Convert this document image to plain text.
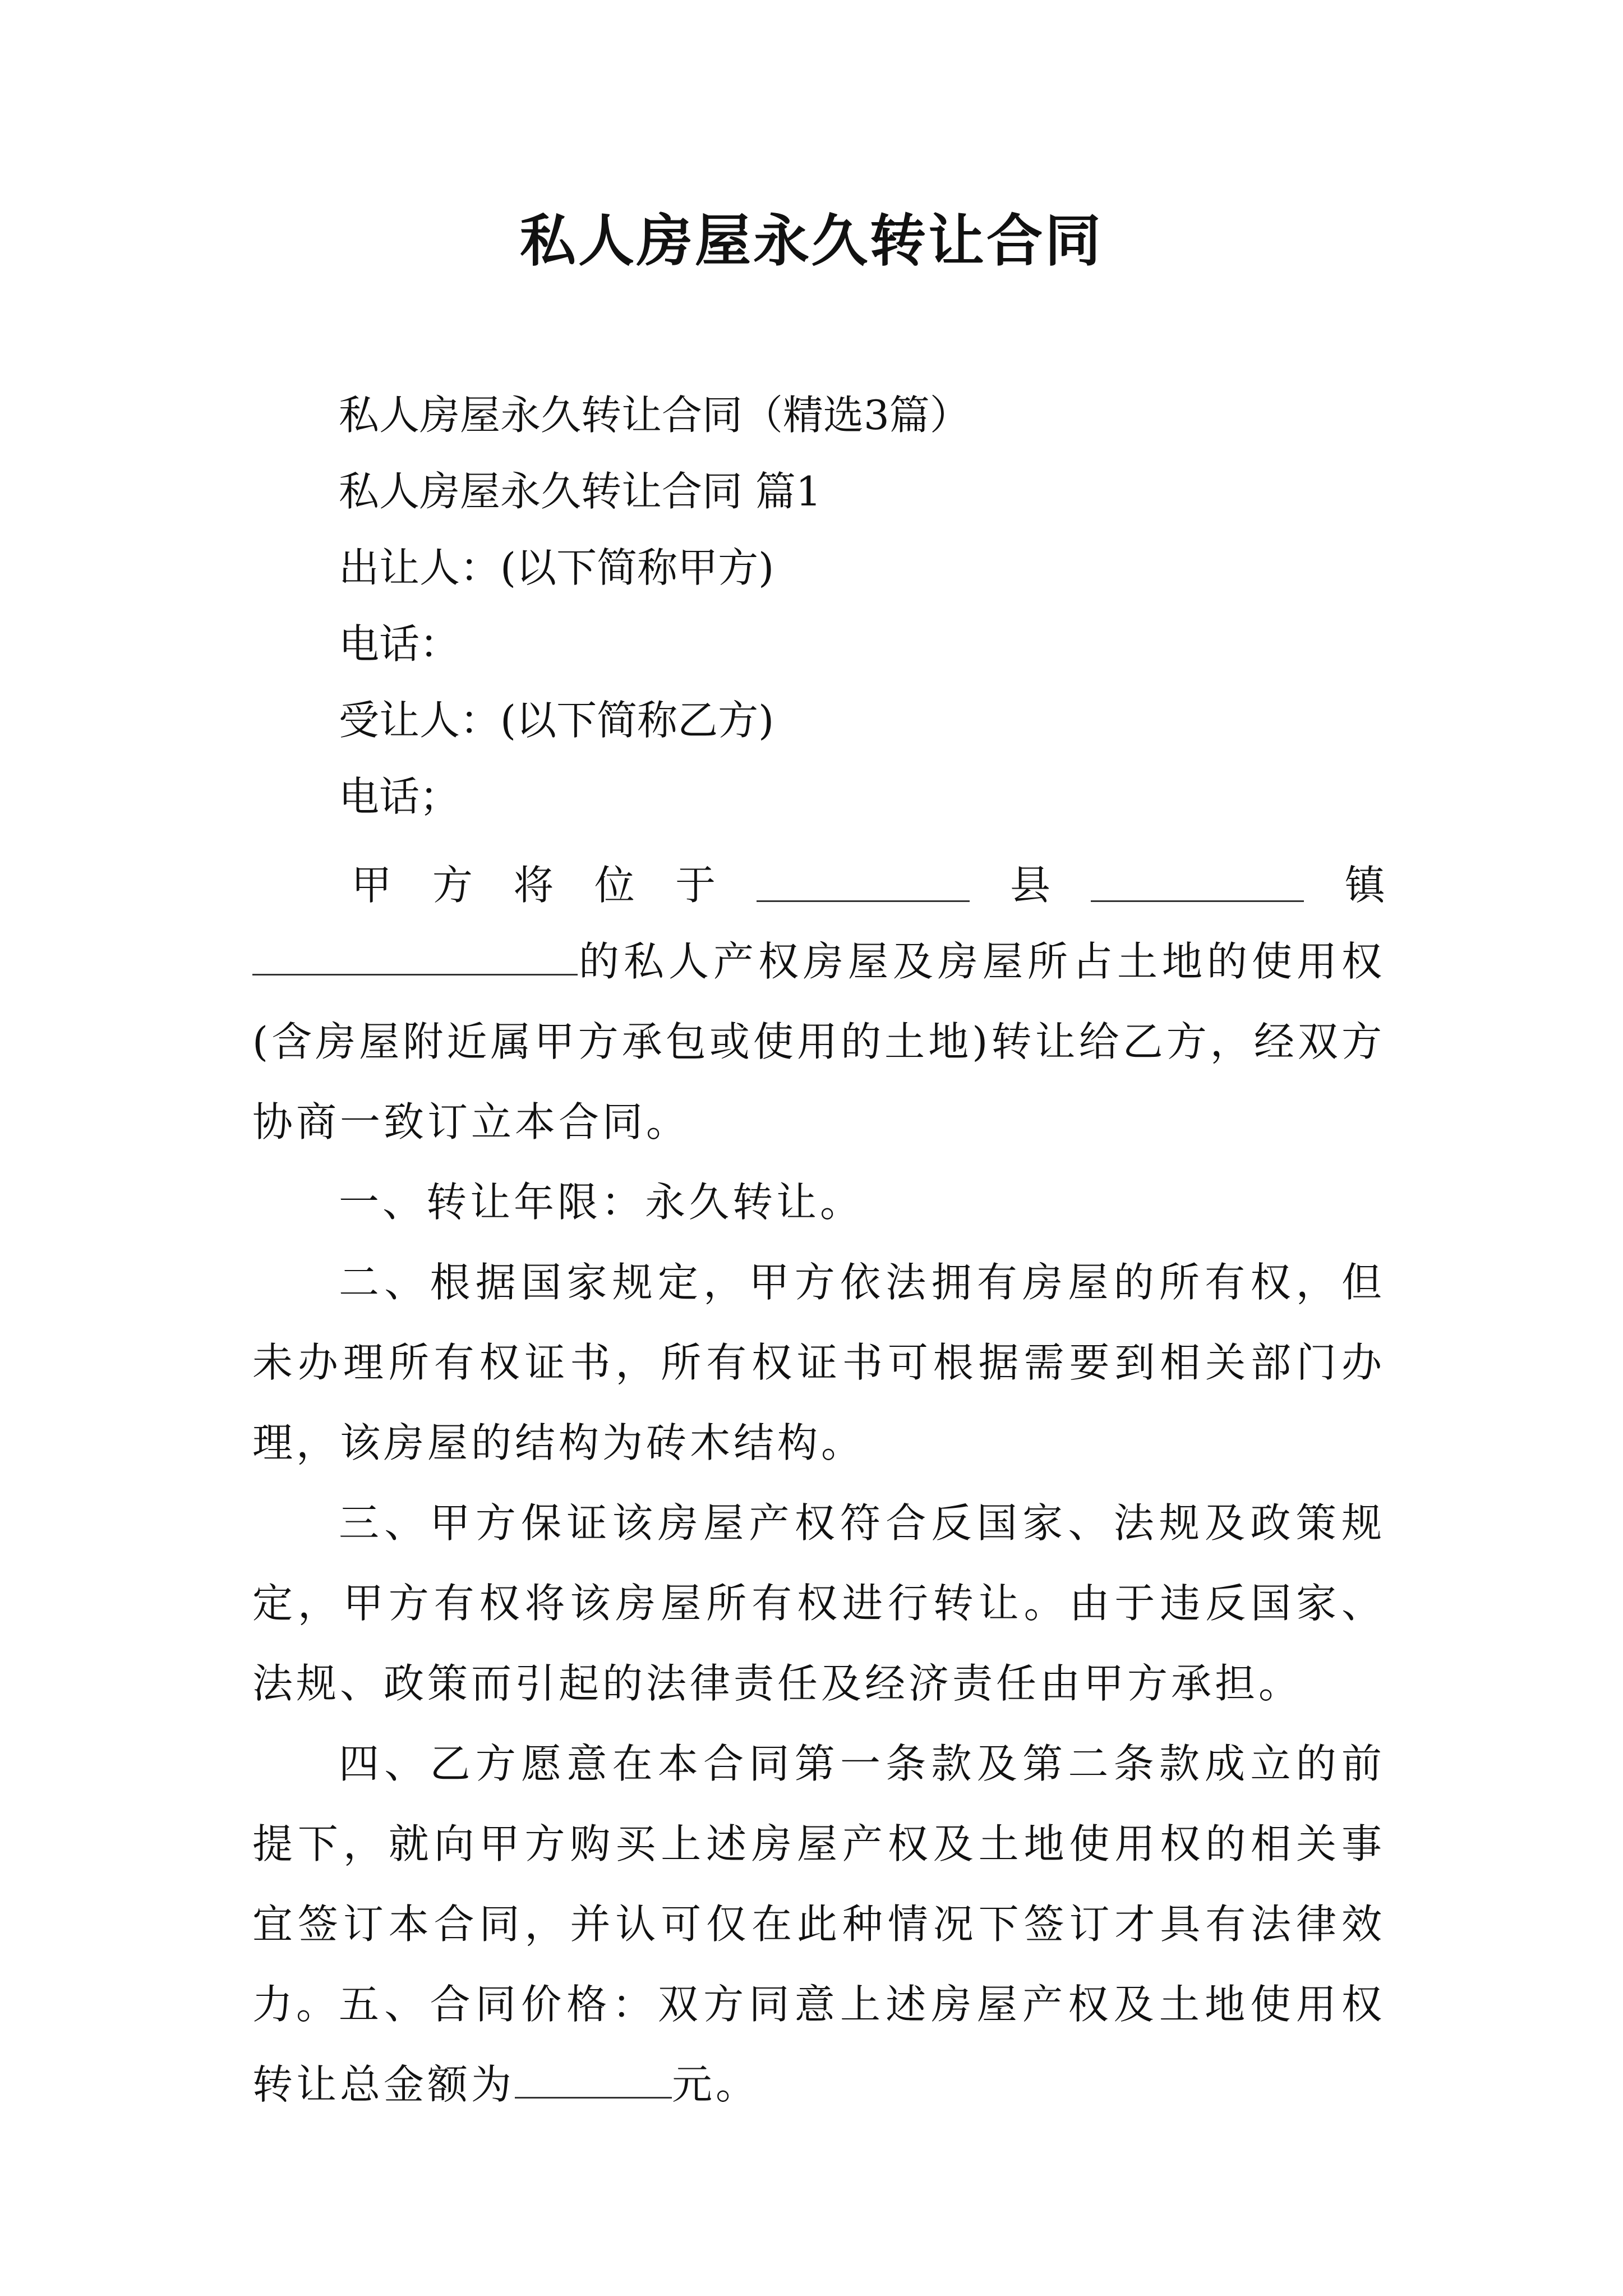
私人房屋永久转让合同
私人房屋永久转让合同（精选3篇）
私人房屋永久转让合同 篇1
出让人：(以下简称甲方)
电话：
受让人：(以下简称乙方)
电话；
甲 方 将 位 于	县	镇
的私人产权房屋及房屋所占土地的使用权(含房屋附近属甲方承包或使用的土地)转让给乙方，经双方协商一致订立本合同。
一、转让年限：永久转让。
二、根据国家规定，甲方依法拥有房屋的所有权，但未办理所有权证书，所有权证书可根据需要到相关部门办理，该房屋的结构为砖木结构。
三、甲方保证该房屋产权符合反国家、法规及政策规定，甲方有权将该房屋所有权进行转让。由于违反国家、法规、政策而引起的法律责任及经济责任由甲方承担。
四、乙方愿意在本合同第一条款及第二条款成立的前提下，就向甲方购买上述房屋产权及土地使用权的相关事宜签订本合同，并认可仅在此种情况下签订才具有法律效力。
五、合同价格：双方同意上述房屋产权及土地使用权转让总金额为	元。
